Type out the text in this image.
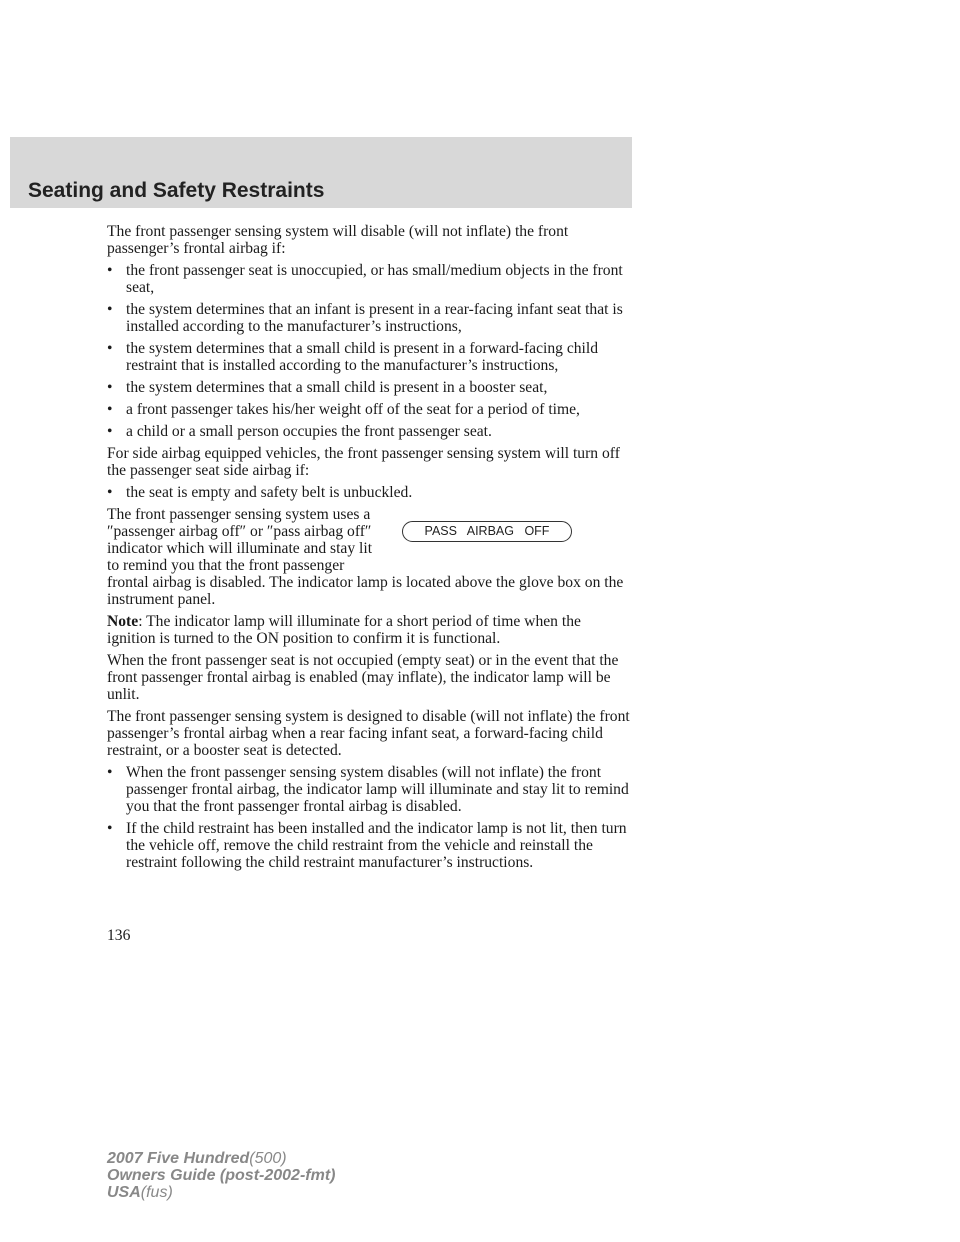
Seating and Safety Restraints

The front passenger sensing system will disable (will not inflate) the front passenger’s frontal airbag if:

• the front passenger seat is unoccupied, or has small/medium objects in the front seat,
• the system determines that an infant is present in a rear-facing infant seat that is installed according to the manufacturer’s instructions,
• the system determines that a small child is present in a forward-facing child restraint that is installed according to the manufacturer’s instructions,
• the system determines that a small child is present in a booster seat,
• a front passenger takes his/her weight off of the seat for a period of time,
• a child or a small person occupies the front passenger seat.

For side airbag equipped vehicles, the front passenger sensing system will turn off the passenger seat side airbag if:

• the seat is empty and safety belt is unbuckled.

PASS AIRBAG OFF
The front passenger sensing system uses a ″passenger airbag off″ or ″pass airbag off″ indicator which will illuminate and stay lit to remind you that the front passenger frontal airbag is disabled. The indicator lamp is located above the glove box on the instrument panel.

Note: The indicator lamp will illuminate for a short period of time when the ignition is turned to the ON position to confirm it is functional.

When the front passenger seat is not occupied (empty seat) or in the event that the front passenger frontal airbag is enabled (may inflate), the indicator lamp will be unlit.

The front passenger sensing system is designed to disable (will not inflate) the front passenger’s frontal airbag when a rear facing infant seat, a forward-facing child restraint, or a booster seat is detected.

• When the front passenger sensing system disables (will not inflate) the front passenger frontal airbag, the indicator lamp will illuminate and stay lit to remind you that the front passenger frontal airbag is disabled.
• If the child restraint has been installed and the indicator lamp is not lit, then turn the vehicle off, remove the child restraint from the vehicle and reinstall the restraint following the child restraint manufacturer’s instructions.
136
2007 Five Hundred(500)
Owners Guide (post-2002-fmt)
USA(fus)
